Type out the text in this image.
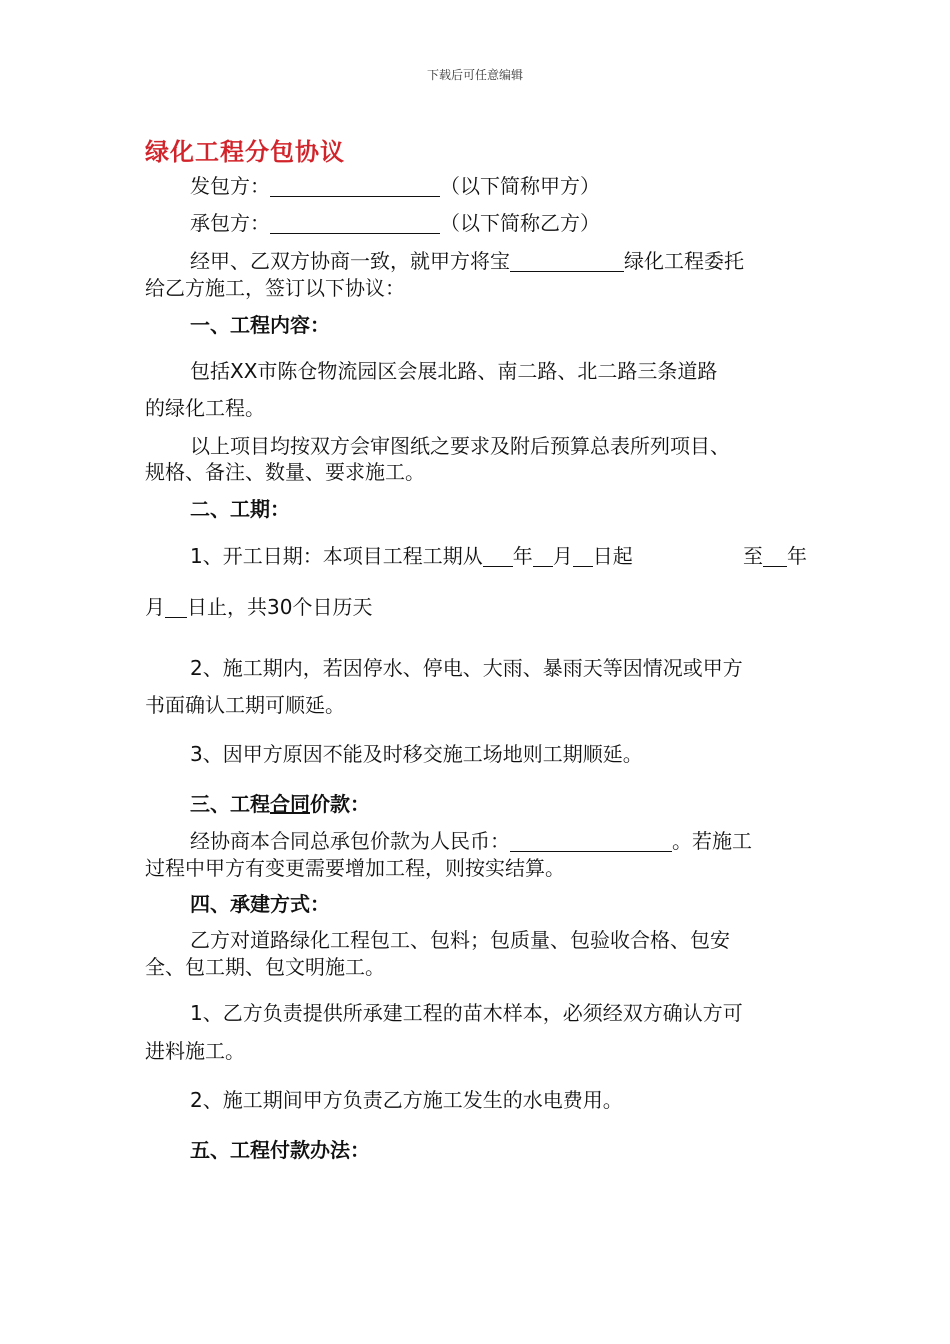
下载后可任意编辑
绿化工程分包协议
发包方：	（以下简称甲方）
承包方：	（以下简称乙方）
经甲、乙双方协商一致，就甲方将宝	绿化工程委托
给乙方施工，签订以下协议：
一、工程内容：
包括XX市陈仓物流园区会展北路、南二路、北二路三条道路
的绿化工程。
以上项目均按双方会审图纸之要求及附后预算总表所列项目、
规格、备注、数量、要求施工。
二、工期：
1、开工日期：本项目工程工期从 年 月 日起	至 年
月 日止，共30个日历天
2、施工期内，若因停水、停电、大雨、暴雨天等因情况或甲方
书面确认工期可顺延。
3、因甲方原因不能及时移交施工场地则工期顺延。
三、工程合同价款：
经协商本合同总承包价款为人民币：	。若施工
过程中甲方有变更需要增加工程，则按实结算。
四、承建方式：
乙方对道路绿化工程包工、包料；包质量、包验收合格、包安
全、包工期、包文明施工。
1、乙方负责提供所承建工程的苗木样本，必须经双方确认方可
进料施工。
2、施工期间甲方负责乙方施工发生的水电费用。
五、工程付款办法：
